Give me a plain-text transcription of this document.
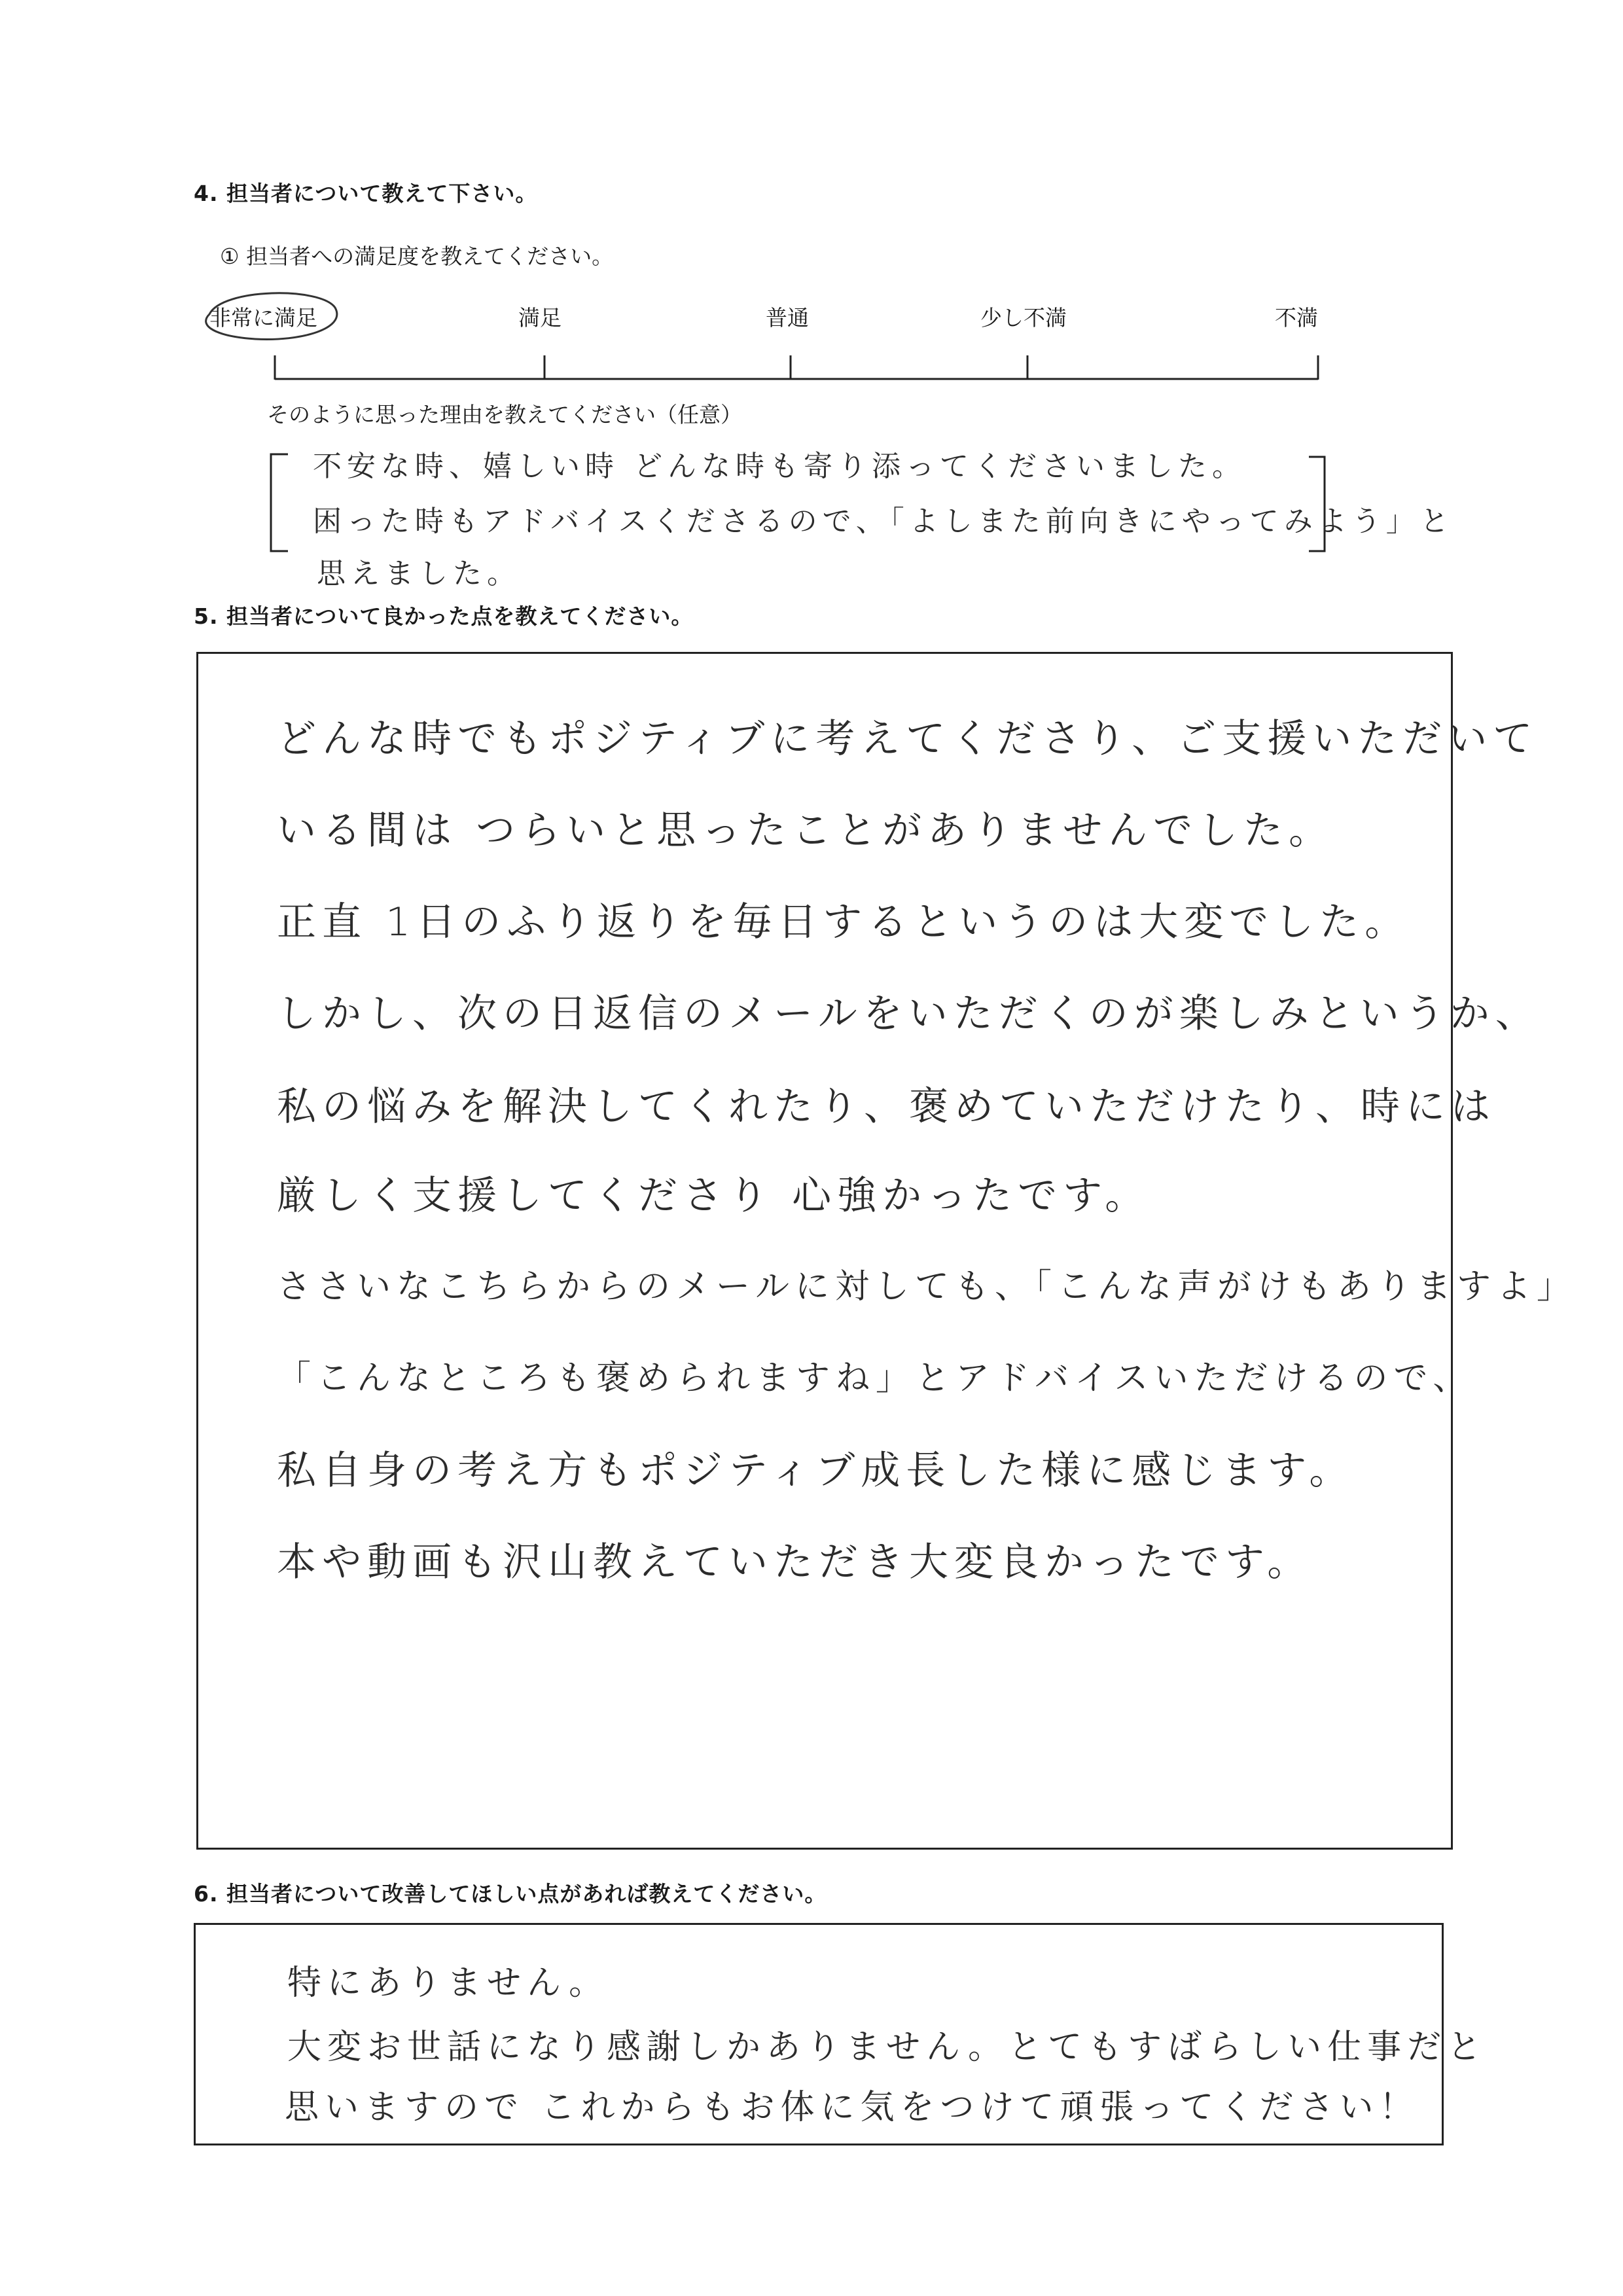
4. 担当者について教えて下さい。
① 担当者への満足度を教えてください。
非常に満足	満足	普通	少し不満	不満
そのように思った理由を教えてください（任意）
不安な時、嬉しい時 どんな時も寄り添ってくださいました。
困った時もアドバイスくださるので、「よしまた前向きにやってみよう」と
思えました。
5. 担当者について良かった点を教えてください。
どんな時でもポジティブに考えてくださり、ご支援いただいて
いる間は つらいと思ったことがありませんでした。
正直 1日のふり返りを毎日するというのは大変でした。
しかし、次の日返信のメールをいただくのが楽しみというか、
私の悩みを解決してくれたり、褒めていただけたり、時には
厳しく支援してくださり 心強かったです。
ささいなこちらからのメールに対しても、「こんな声がけもありますよ」
「こんなところも褒められますね」とアドバイスいただけるので、
私自身の考え方もポジティブ成長した様に感じます。
本や動画も沢山教えていただき大変良かったです。
6. 担当者について改善してほしい点があれば教えてください。
特にありません。
大変お世話になり感謝しかありません。とてもすばらしい仕事だと
思いますので これからもお体に気をつけて頑張ってください！
